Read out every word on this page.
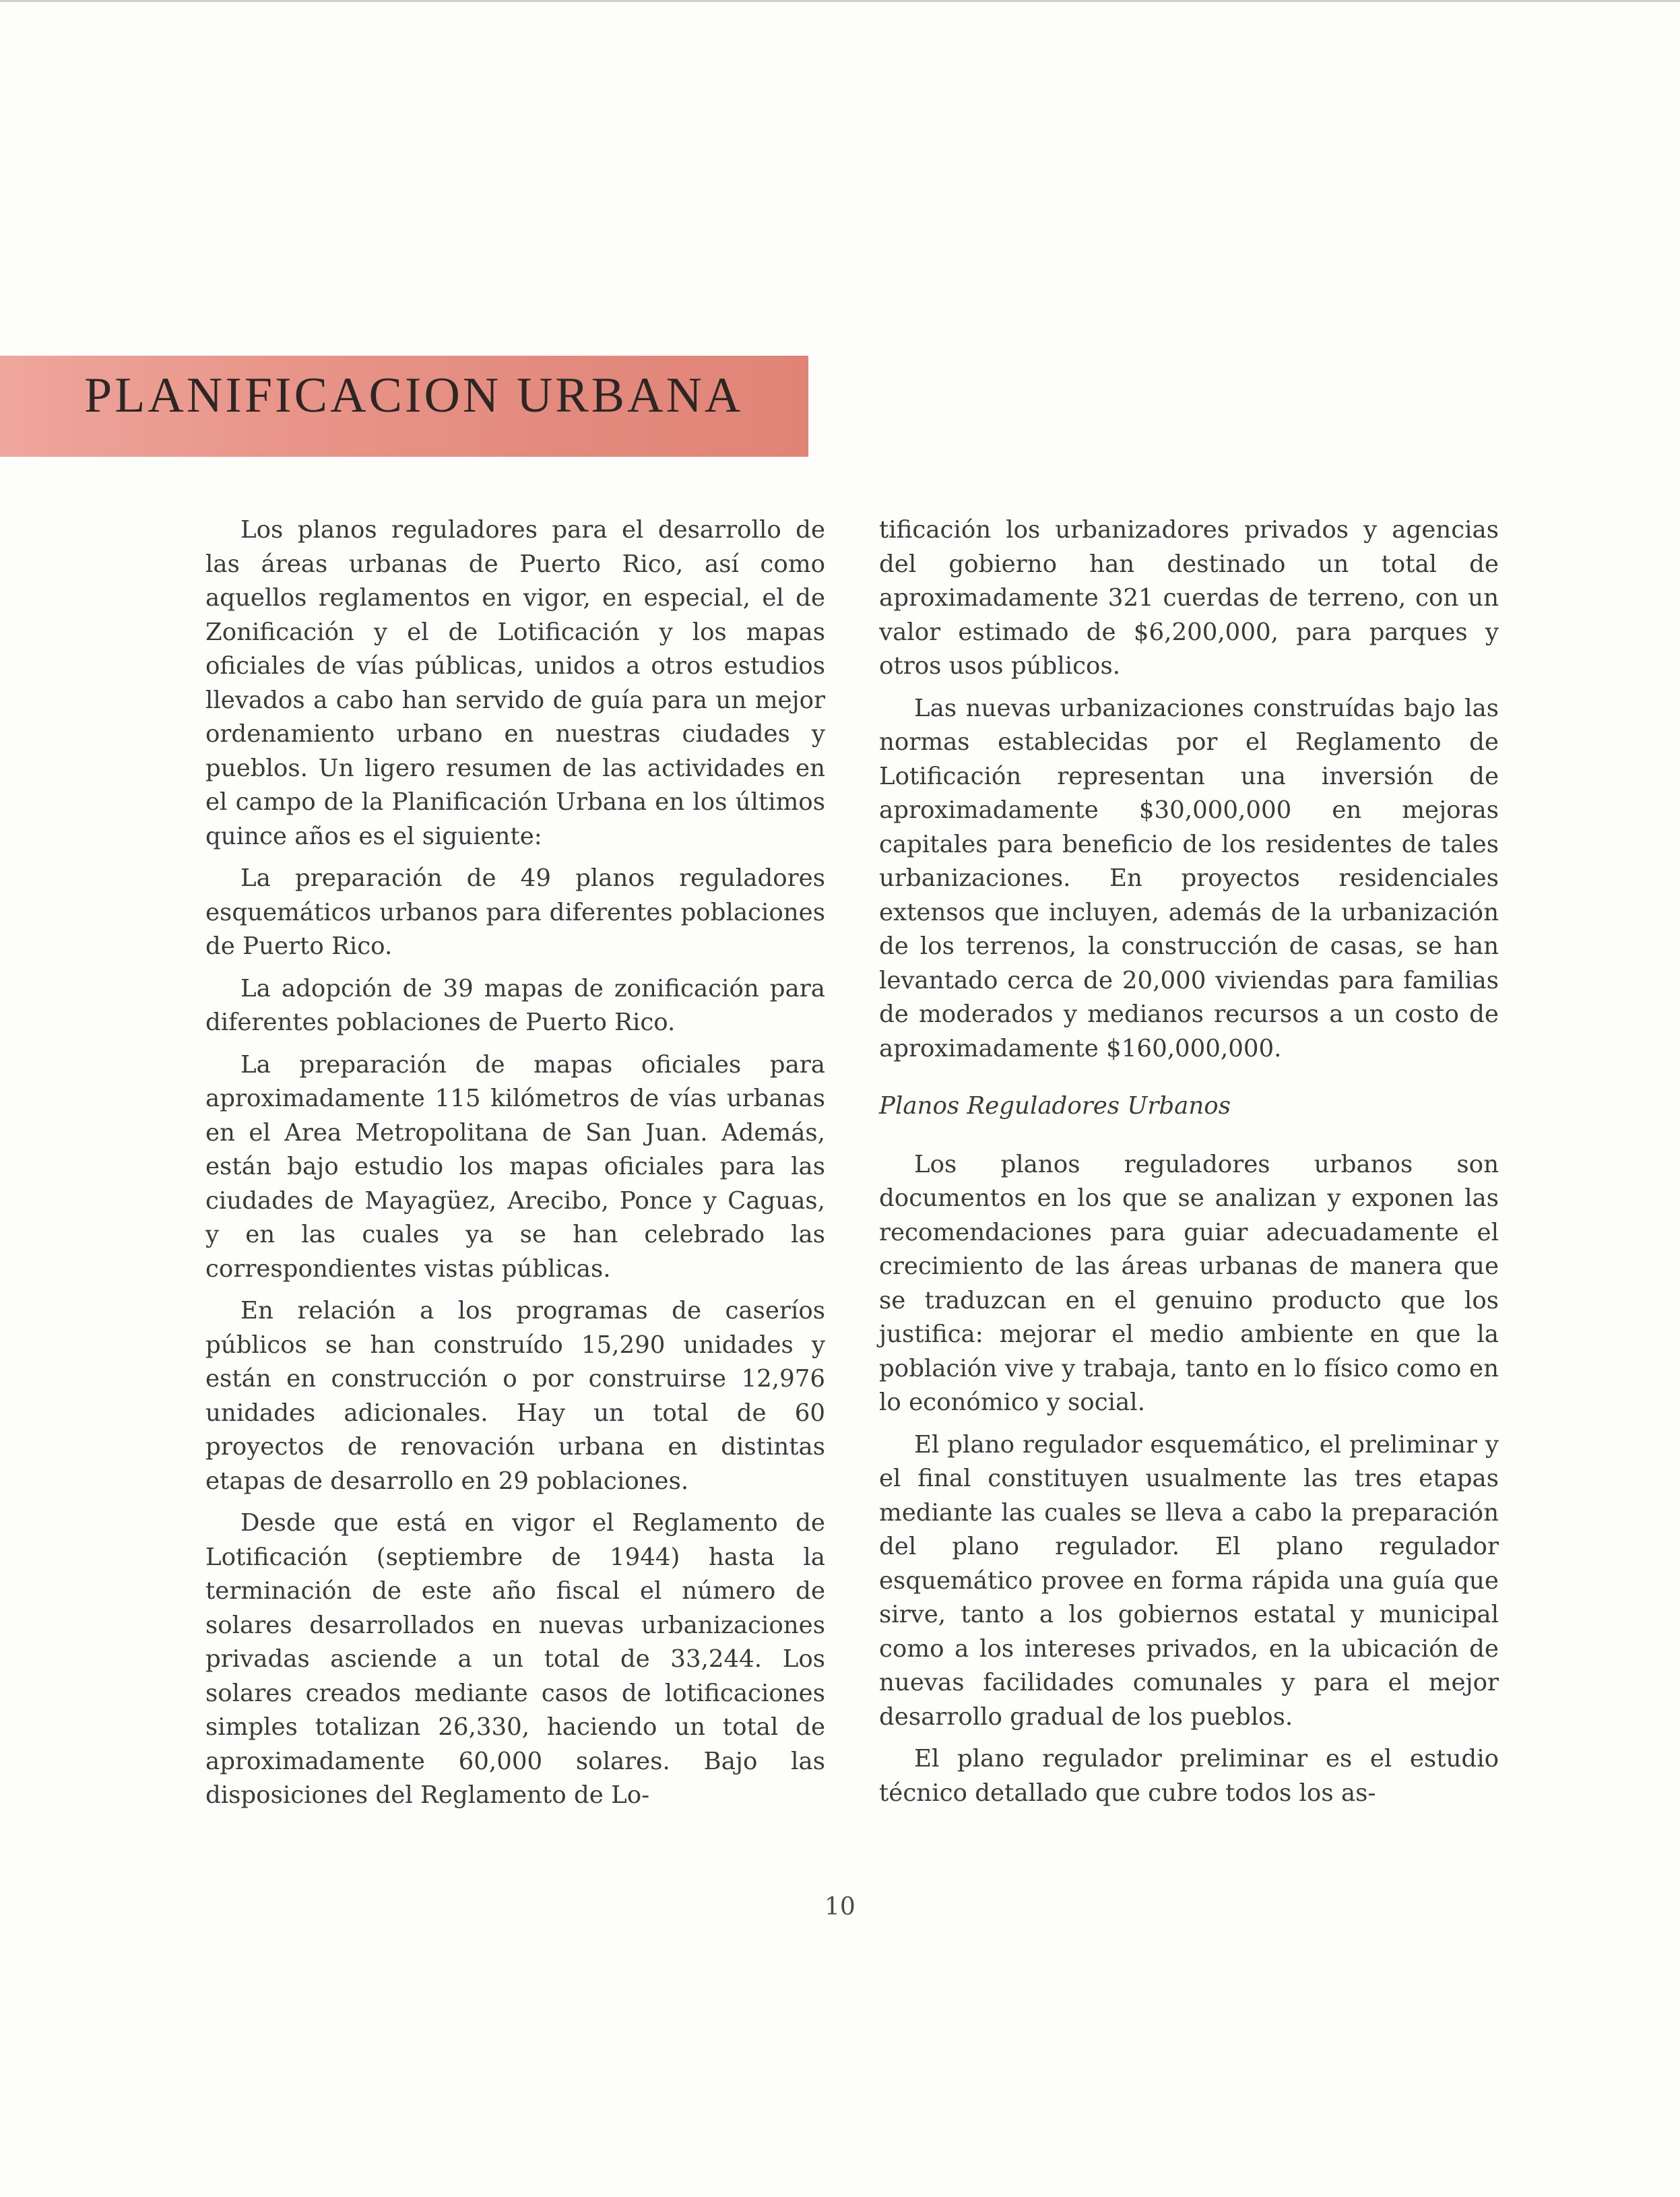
PLANIFICACION URBANA

Los planos reguladores para el desarrollo de las áreas urbanas de Puerto Rico, así como aquellos reglamentos en vigor, en especial, el de Zonificación y el de Lotificación y los mapas oficiales de vías públicas, unidos a otros estudios llevados a cabo han servido de guía para un mejor ordenamiento urbano en nuestras ciudades y pueblos. Un ligero resumen de las actividades en el campo de la Planificación Urbana en los últimos quince años es el siguiente:

La preparación de 49 planos reguladores esquemáticos urbanos para diferentes poblaciones de Puerto Rico.

La adopción de 39 mapas de zonificación para diferentes poblaciones de Puerto Rico.

La preparación de mapas oficiales para aproximadamente 115 kilómetros de vías urbanas en el Area Metropolitana de San Juan. Además, están bajo estudio los mapas oficiales para las ciudades de Mayagüez, Arecibo, Ponce y Caguas, y en las cuales ya se han celebrado las correspondientes vistas públicas.

En relación a los programas de caseríos públicos se han construído 15,290 unidades y están en construcción o por construirse 12,976 unidades adicionales. Hay un total de 60 proyectos de renovación urbana en distintas etapas de desarrollo en 29 poblaciones.

Desde que está en vigor el Reglamento de Lotificación (septiembre de 1944) hasta la terminación de este año fiscal el número de solares desarrollados en nuevas urbanizaciones privadas asciende a un total de 33,244. Los solares creados mediante casos de lotificaciones simples totalizan 26,330, haciendo un total de aproximadamente 60,000 solares. Bajo las disposiciones del Reglamento de Lo-

tificación los urbanizadores privados y agencias del gobierno han destinado un total de aproximadamente 321 cuerdas de terreno, con un valor estimado de $6,200,000, para parques y otros usos públicos.

Las nuevas urbanizaciones construídas bajo las normas establecidas por el Reglamento de Lotificación representan una inversión de aproximadamente $30,000,000 en mejoras capitales para beneficio de los residentes de tales urbanizaciones. En proyectos residenciales extensos que incluyen, además de la urbanización de los terrenos, la construcción de casas, se han levantado cerca de 20,000 viviendas para familias de moderados y medianos recursos a un costo de aproximadamente $160,000,000.

Planos Reguladores Urbanos

Los planos reguladores urbanos son documentos en los que se analizan y exponen las recomendaciones para guiar adecuadamente el crecimiento de las áreas urbanas de manera que se traduzcan en el genuino producto que los justifica: mejorar el medio ambiente en que la población vive y trabaja, tanto en lo físico como en lo económico y social.

El plano regulador esquemático, el preliminar y el final constituyen usualmente las tres etapas mediante las cuales se lleva a cabo la preparación del plano regulador. El plano regulador esquemático provee en forma rápida una guía que sirve, tanto a los gobiernos estatal y municipal como a los intereses privados, en la ubicación de nuevas facilidades comunales y para el mejor desarrollo gradual de los pueblos.

El plano regulador preliminar es el estudio técnico detallado que cubre todos los as-

10
